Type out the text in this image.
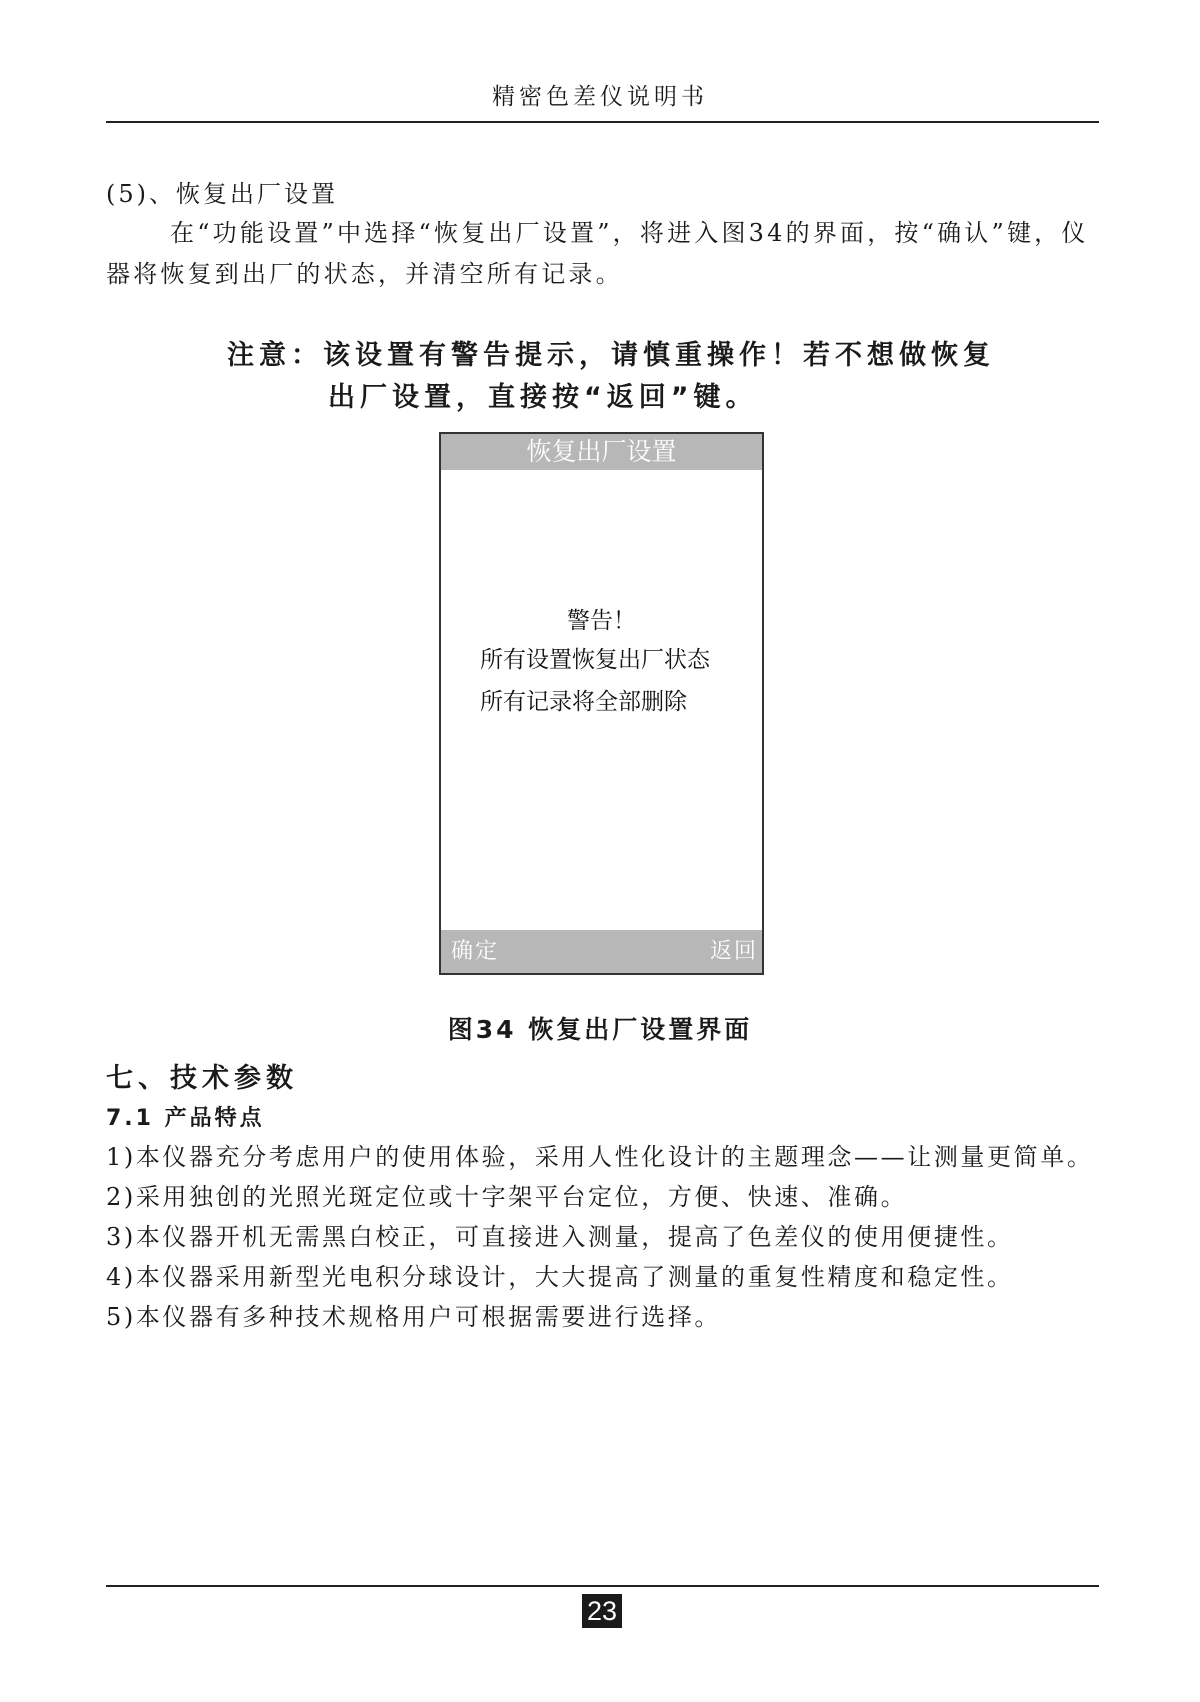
精密色差仪说明书
(5)、恢复出厂设置
在“功能设置”中选择“恢复出厂设置”，将进入图34的界面，按“确认”键，仪器将恢复到出厂的状态，并清空所有记录。
注意：该设置有警告提示，请慎重操作！若不想做恢复
出厂设置，直接按“返回”键。
恢复出厂设置
警告！
所有设置恢复出厂状态
所有记录将全部删除
确定	返回
图34 恢复出厂设置界面
七、技术参数
7.1 产品特点
1)本仪器充分考虑用户的使用体验，采用人性化设计的主题理念——让测量更简单。
2)采用独创的光照光斑定位或十字架平台定位，方便、快速、准确。
3)本仪器开机无需黑白校正，可直接进入测量，提高了色差仪的使用便捷性。
4)本仪器采用新型光电积分球设计，大大提高了测量的重复性精度和稳定性。
5)本仪器有多种技术规格用户可根据需要进行选择。
23
